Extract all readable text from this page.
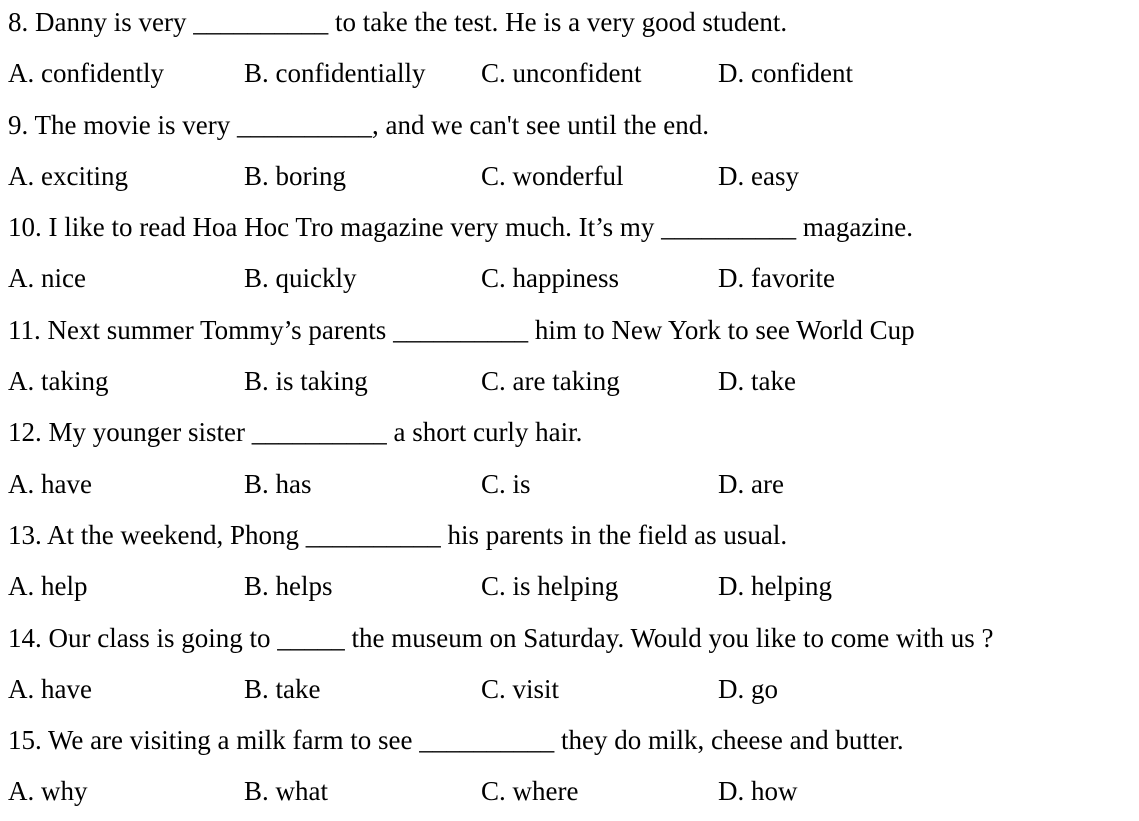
8. Danny is very __________ to take the test. He is a very good student.
A. confidently	B. confidentially C. unconfident	D. confident
9. The movie is very __________, and we can't see until the end.
A. exciting	B. boring	C. wonderful	D. easy
10. I like to read Hoa Hoc Tro magazine very much. It’s my __________ magazine.
A. nice	B. quickly	C. happiness	D. favorite
11. Next summer Tommy’s parents __________ him to New York to see World Cup
A. taking	B. is taking	C. are taking	D. take
12. My younger sister __________ a short curly hair.
A. have	B. has	C. is	D. are
13. At the weekend, Phong __________ his parents in the field as usual.
A. help	B. helps	C. is helping	D. helping
14. Our class is going to _____ the museum on Saturday. Would you like to come with us ?
A. have	B. take	C. visit	D. go
15. We are visiting a milk farm to see __________ they do milk, cheese and butter.
A. why	B. what	C. where	D. how
